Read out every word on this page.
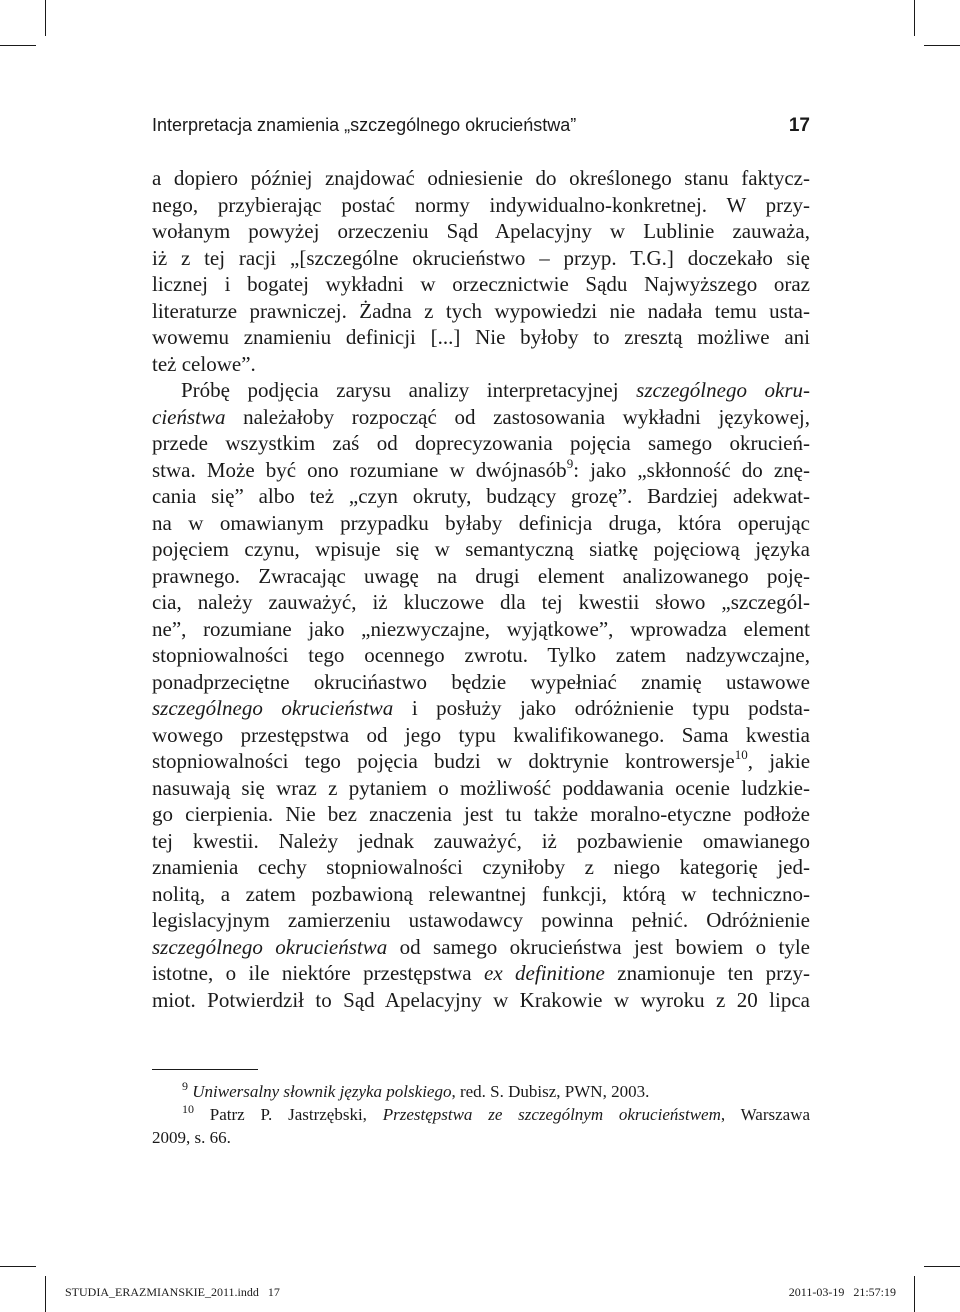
Interpretacja znamienia „szczególnego okrucieństwa”	17
a dopiero później znajdować odniesienie do określonego stanu faktycz-
nego, przybierając postać normy indywidualno-konkretnej. W przy-
wołanym powyżej orzeczeniu Sąd Apelacyjny w Lublinie zauważa,
iż z tej racji „[szczególne okrucieństwo – przyp. T.G.] doczekało się
licznej i bogatej wykładni w orzecznictwie Sądu Najwyższego oraz
literaturze prawniczej. Żadna z tych wypowiedzi nie nadała temu usta-
wowemu znamieniu definicji [...] Nie byłoby to zresztą możliwe ani
też celowe”.
Próbę podjęcia zarysu analizy interpretacyjnej szczególnego okru-
cieństwa należałoby rozpocząć od zastosowania wykładni językowej,
przede wszystkim zaś od doprecyzowania pojęcia samego okrucień-
stwa. Może być ono rozumiane w dwójnasób$^9$: jako „skłonność do znę-
cania się” albo też „czyn okruty, budzący grozę”. Bardziej adekwat-
na w omawianym przypadku byłaby definicja druga, która operując
pojęciem czynu, wpisuje się w semantyczną siatkę pojęciową języka
prawnego. Zwracając uwagę na drugi element analizowanego poję-
cia, należy zauważyć, iż kluczowe dla tej kwestii słowo „szczegól-
ne”, rozumiane jako „niezwyczajne, wyjątkowe”, wprowadza element
stopniowalności tego ocennego zwrotu. Tylko zatem nadzywczajne,
ponadprzeciętne okrucińastwo będzie wypełniać znamię ustawowe
szczególnego okrucieństwa i posłuży jako odróżnienie typu podsta-
wowego przestępstwa od jego typu kwalifikowanego. Sama kwestia
stopniowalności tego pojęcia budzi w doktrynie kontrowersje$^{10}$, jakie
nasuwają się wraz z pytaniem o możliwość poddawania ocenie ludzkie-
go cierpienia. Nie bez znaczenia jest tu także moralno-etyczne podłoże
tej kwestii. Należy jednak zauważyć, iż pozbawienie omawianego
znamienia cechy stopniowalności czyniłoby z niego kategorię jed-
nolitą, a zatem pozbawioną relewantnej funkcji, którą w techniczno-
legislacyjnym zamierzeniu ustawodawcy powinna pełnić. Odróżnienie
szczególnego okrucieństwa od samego okrucieństwa jest bowiem o tyle
istotne, o ile niektóre przestępstwa ex definitione znamionuje ten przy-
miot. Potwierdził to Sąd Apelacyjny w Krakowie w wyroku z 20 lipca
$^9$ Uniwersalny słownik języka polskiego, red. S. Dubisz, PWN, 2003.
$^{10}$ Patrz P. Jastrzębski, Przestępstwa ze szczególnym okrucieństwem, Warszawa
2009, s. 66.
STUDIA_ERAZMIANSKIE_2011.indd   17	2011-03-19   21:57:19
